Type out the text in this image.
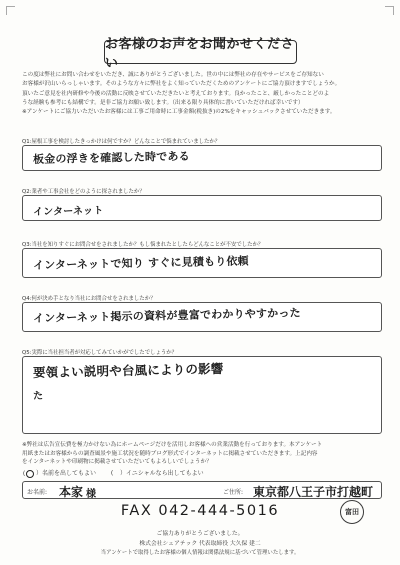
お客様のお声をお聞かせください

この度は弊社にお問い合わせをいただき、誠にありがとうございました。世の中には弊社の存在やサービスをご存知ない

お客様が沢山いらっしゃいます。そのような方々に弊社をよく知っていただくためのアンケートにご協力頂けますでしょうか。

頂いたご意見を社内研修や今後の活動に反映させていただきたいと考えております。良かったこと、厳しかったことどのよ

うな経験も参考にも結構です。是非ご協力お願い致します。（出来る限り具体的に書いていただければ幸いです）

※アンケートにご協力いただいたお客様には工事ご用命時に工事金額(税抜き)の2%をキャッシュバックさせていただきます。

Q1:屋根工事を検討したきっかけは何ですか？どんなことで悩まれていましたか？
板金の浮きを確認した時である
Q2:業者や工事会社をどのように探されましたか？
インターネット
Q3:当社を知りすぐにお問合せをされましたか？もし悩まれたとしたらどんなことが不安でしたか？
インターネットで知り すぐに見積もり依頼
Q4:何が決め手となり当社にお問合せをされましたか？
インターネット掲示の資料が豊富でわかりやすかった
Q5:実際に当社担当者が対応してみていかがでしたでしょうか？
要領よい説明や台風によりの影響
た

※弊社は広告宣伝費を極力かけない為にホームページだけを活用しお客様への営業活動を行っております。本アンケート

用紙またはお客様からの調査風景や施工状況を随時ブログ形式でインターネットに掲載させていただきます。上記内容

をインターネットや印刷物に掲載させていただいてもよろしいでしょうか？

( ）名前を出してもよい	( ）イニシャルなら出してもよい
お名前: 本家 様	ご住所: 東京都八王子市打越町
FAX 042-444-5016	富田
ご協力ありがとうございました。
株式会社シェアテック 代表取締役 大久保 建二
当アンケートで取得したお客様の個人情報は関係法規に基づいて管理いたします。
